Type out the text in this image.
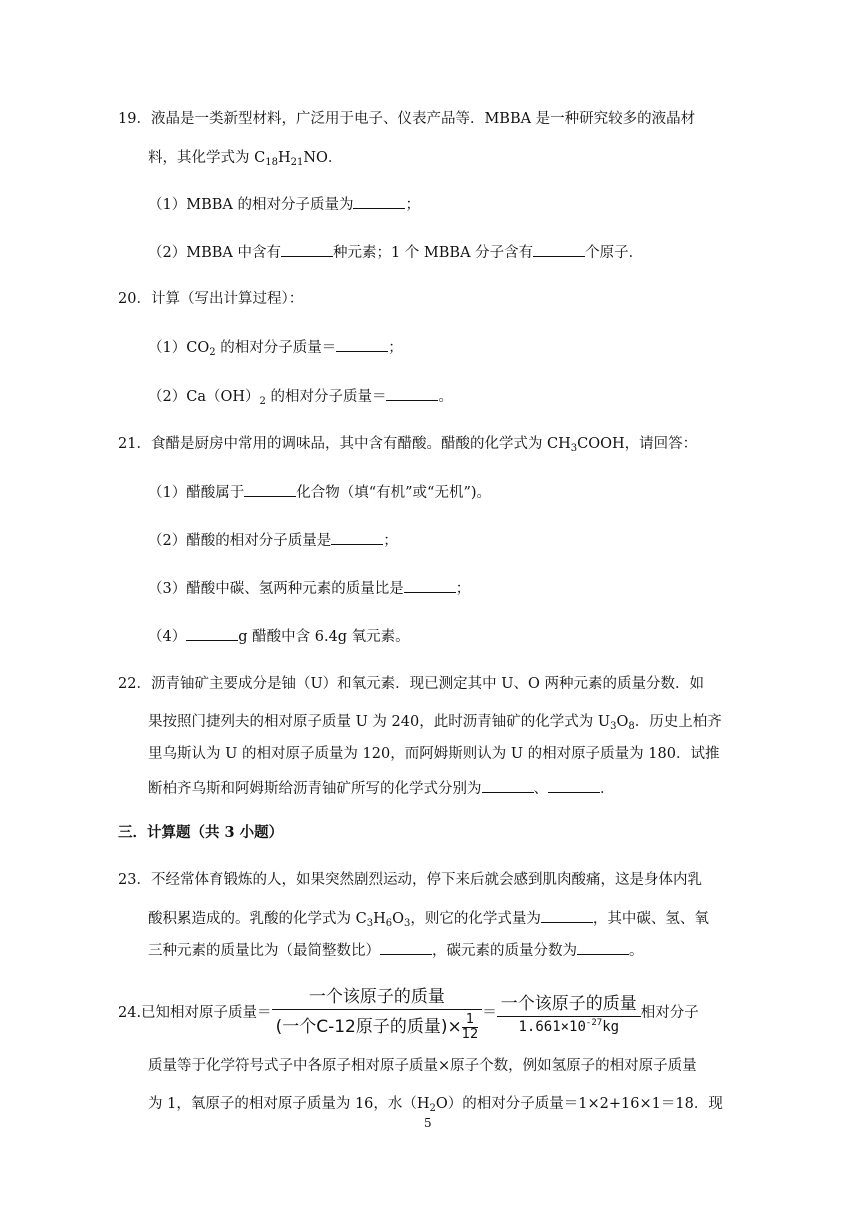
19．液晶是一类新型材料，广泛用于电子、仪表产品等．MBBA 是一种研究较多的液晶材
料，其化学式为 $C_{18}H_{21}NO$．
（1）MBBA 的相对分子质量为	；
（2）MBBA 中含有	种元素；1 个 MBBA 分子含有	个原子．
20．计算（写出计算过程）：
$(1)CO_2$ 的相对分子质量＝	；
$(2)Ca(OH)_2$ 的相对分子质量＝	。
21．食醋是厨房中常用的调味品，其中含有醋酸。醋酸的化学式为 $CH_3COOH$，请回答：
（1）醋酸属于	化合物（填“有机”或“无机”)。
（2）醋酸的相对分子质量是	；
（3）醋酸中碳、氢两种元素的质量比是	；
（4）	g 醋酸中含 6.4g 氧元素。
22．沥青铀矿主要成分是铀（U）和氧元素．现已测定其中 U、O 两种元素的质量分数．如
果按照门捷列夫的相对原子质量 U 为 240，此时沥青铀矿的化学式为 $U_3O_8$．历史上柏齐
里乌斯认为 U 的相对原子质量为 120，而阿姆斯则认为 U 的相对原子质量为 180．试推
断柏齐乌斯和阿姆斯给沥青铀矿所写的化学式分别为	、	．
三．计算题（共 3 小题）
23．不经常体育锻炼的人，如果突然剧烈运动，停下来后就会感到肌肉酸痛，这是身体内乳
酸积累造成的。乳酸的化学式为 $C_3H_6O_3$，则它的化学式量为	，其中碳、氢、氧
三种元素的质量比为（最简整数比）	，碳元素的质量分数为	。
24.已知相对原子质量＝ $\frac{\text{一个该原子的质量}}{(一个C-12原子的质量)\times \frac{1}{12}} = \frac{\text{一个该原子的质量}}{1.661\times 10^{-27}kg}$ 相对分子
质量等于化学符号式子中各原子相对原子质量×原子个数，例如氢原子的相对原子质量
为 1，氧原子的相对原子质量为 16，水$(H_2O)$的相对分子质量＝1×2+16×1＝18．现
5
